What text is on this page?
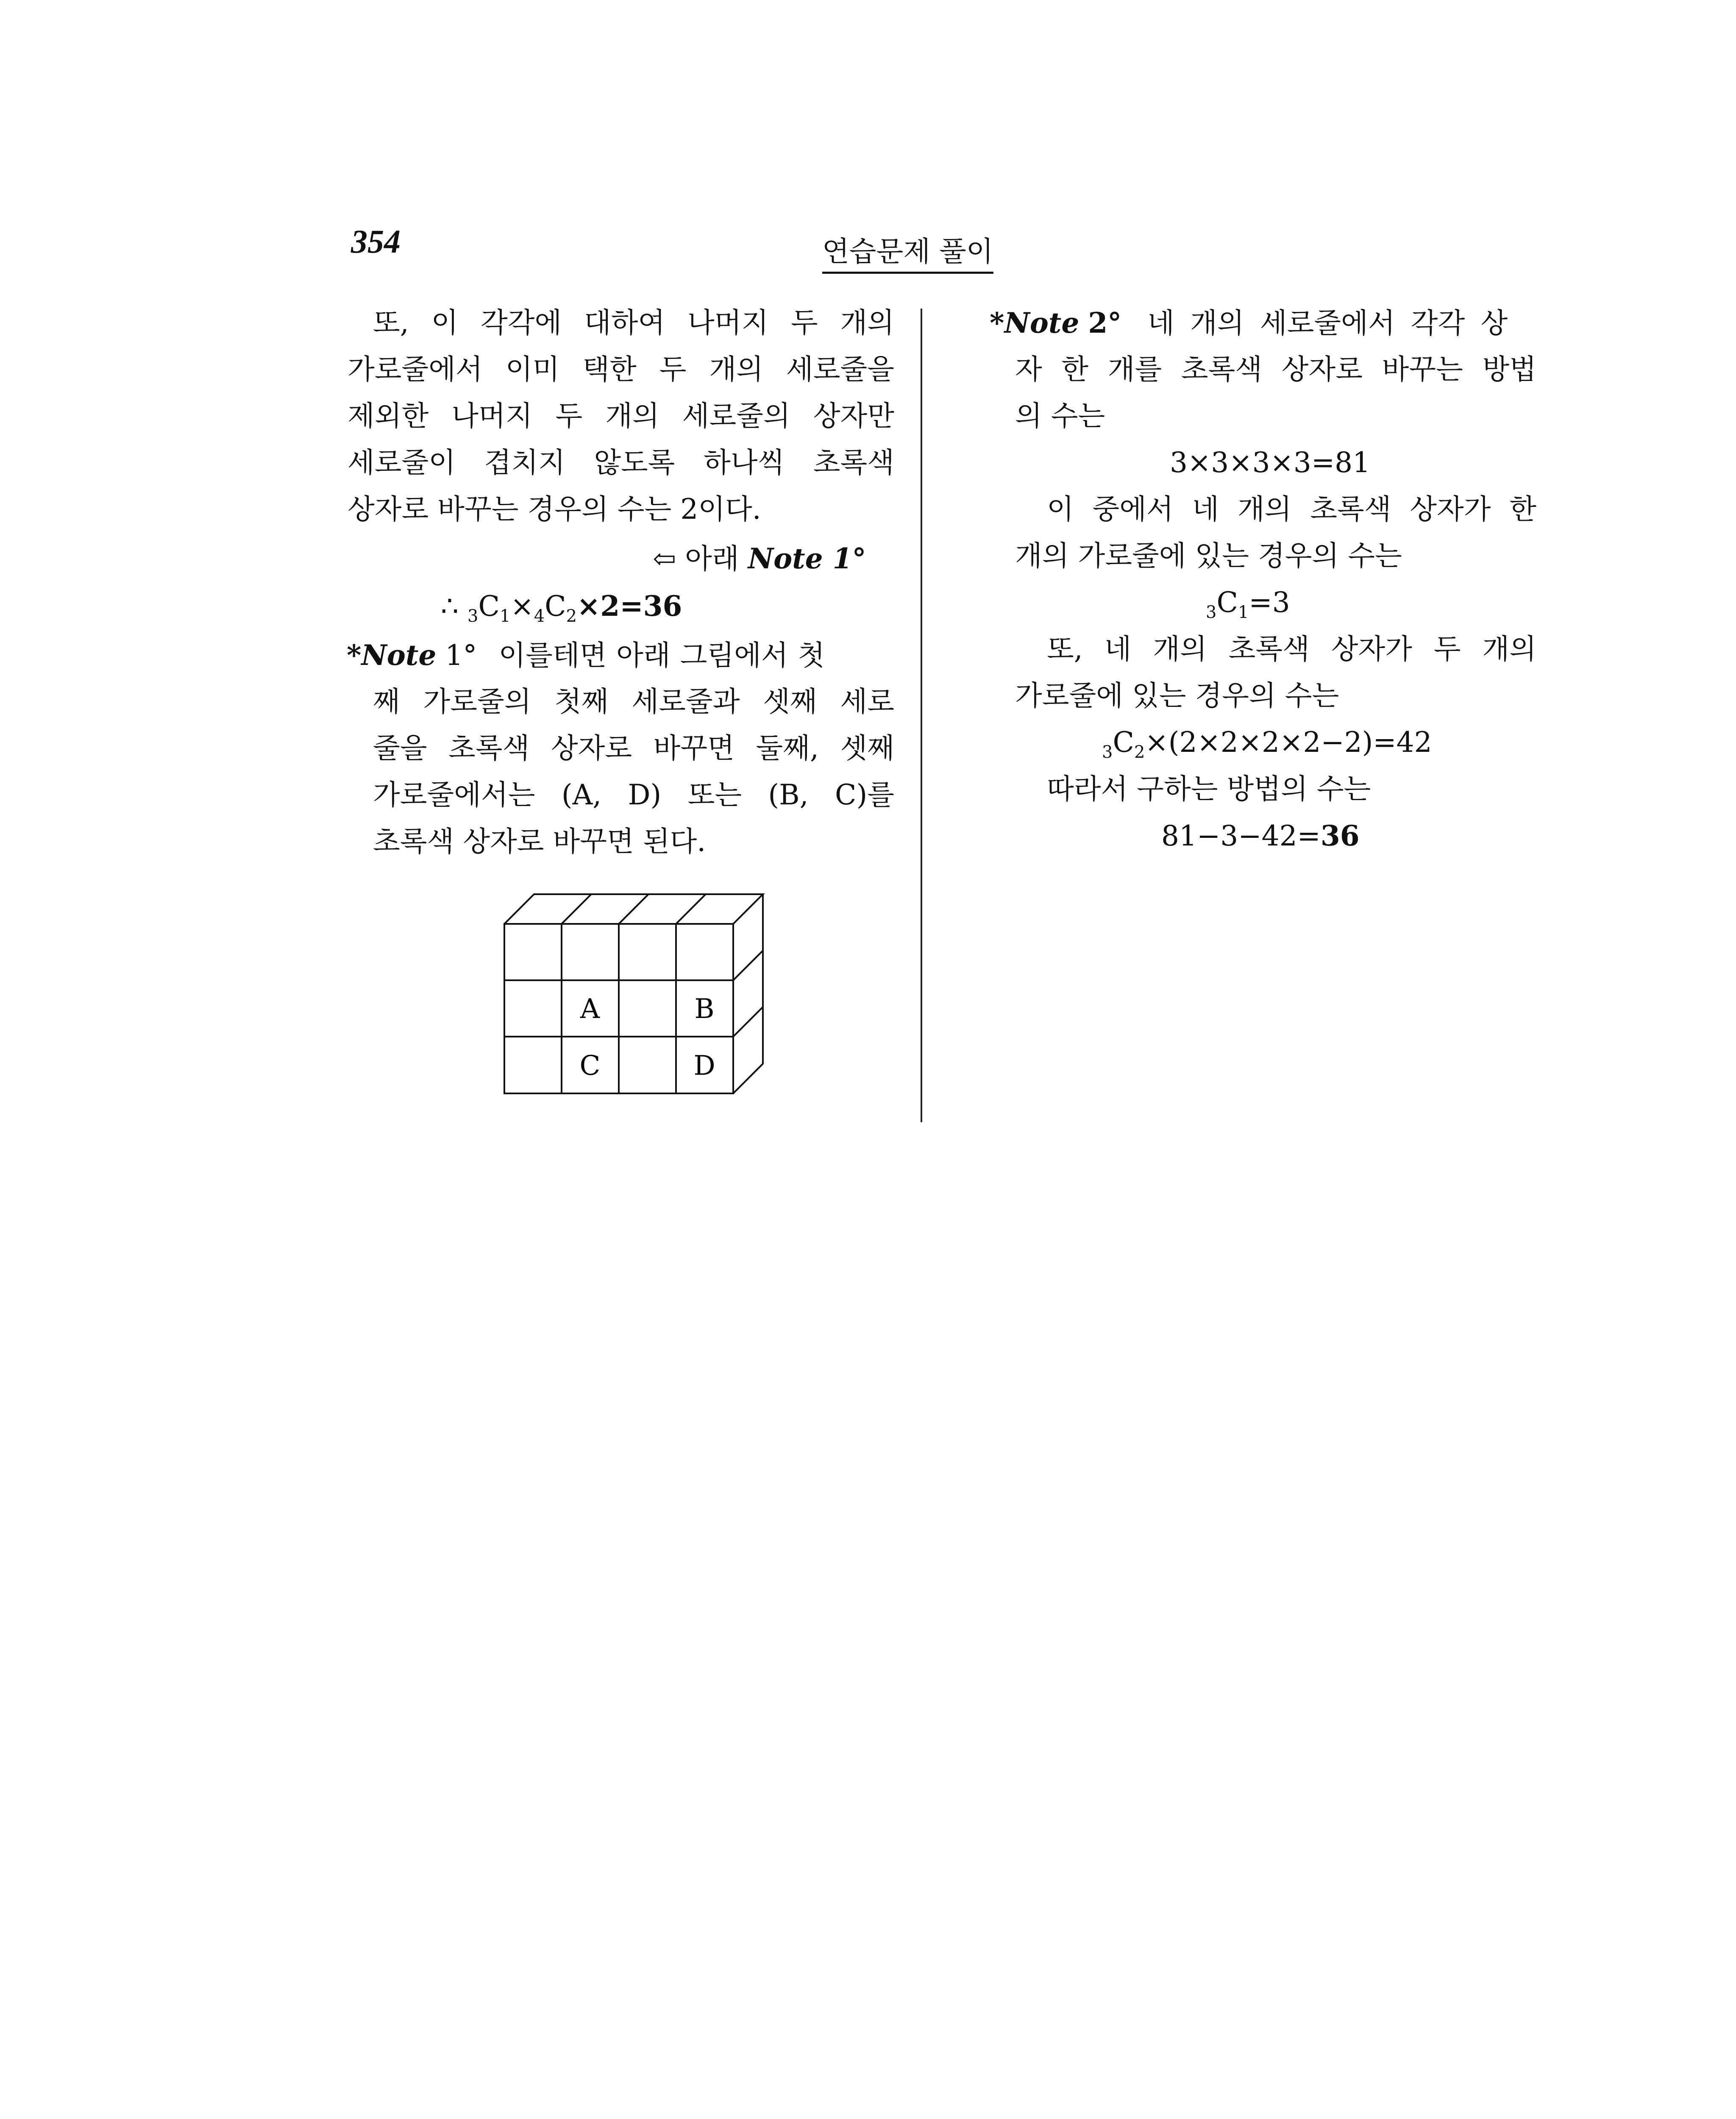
354	연습문제 풀이
또, 이 각각에 대하여 나머지 두 개의
가로줄에서 이미 택한 두 개의 세로줄을
제외한 나머지 두 개의 세로줄의 상자만
세로줄이 겹치지 않도록 하나씩 초록색
상자로 바꾸는 경우의 수는 2이다.
⇦ 아래 Note 1°
∴ $_3C_1\times_4C_2\times 2=36$
*Note 1° 이를테면 아래 그림에서 첫
째 가로줄의 첫째 세로줄과 셋째 세로
줄을 초록색 상자로 바꾸면 둘째, 셋째
가로줄에서는 (A, D) 또는 (B, C)를
초록색 상자로 바꾸면 된다.
A	B
C	D
*Note 2° 네 개의 세로줄에서 각각 상
자 한 개를 초록색 상자로 바꾸는 방법
의 수는
3×3×3×3=81
이 중에서 네 개의 초록색 상자가 한
개의 가로줄에 있는 경우의 수는
$_3C_1=3$
또, 네 개의 초록색 상자가 두 개의
가로줄에 있는 경우의 수는
$_3C_2\times(2\times 2\times 2\times 2-2)=42$
따라서 구하는 방법의 수는
81−3−42=36
